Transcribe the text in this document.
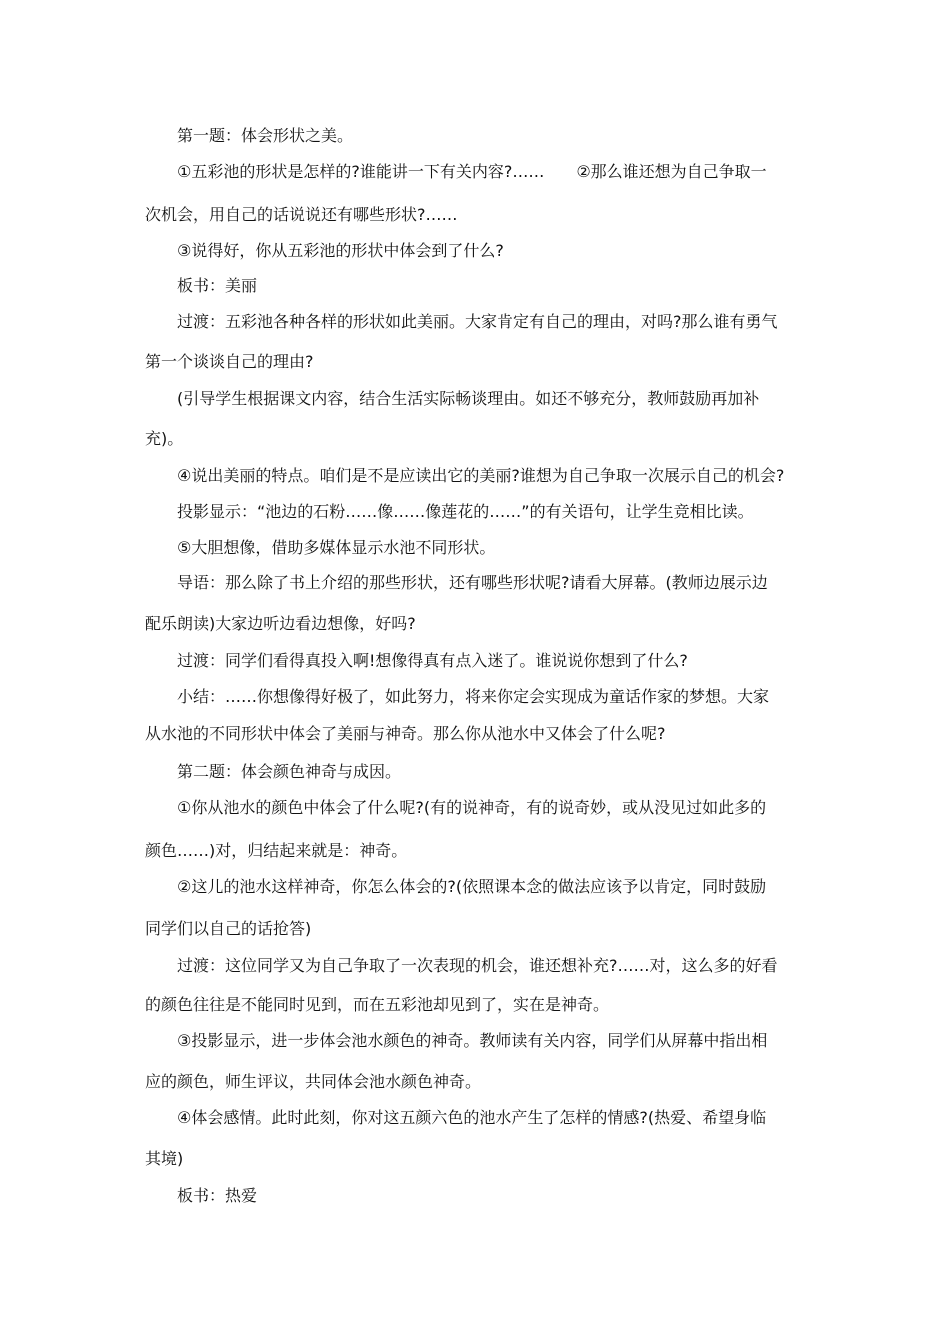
第一题：体会形状之美。

①五彩池的形状是怎样的?谁能讲一下有关内容?……　　②那么谁还想为自己争取一

次机会，用自己的话说说还有哪些形状?……

③说得好，你从五彩池的形状中体会到了什么?

板书：美丽

过渡：五彩池各种各样的形状如此美丽。大家肯定有自己的理由，对吗?那么谁有勇气

第一个谈谈自己的理由?

(引导学生根据课文内容，结合生活实际畅谈理由。如还不够充分，教师鼓励再加补

充)。

④说出美丽的特点。咱们是不是应读出它的美丽?谁想为自己争取一次展示自己的机会?

投影显示：“池边的石粉……像……像莲花的……”的有关语句，让学生竞相比读。

⑤大胆想像，借助多媒体显示水池不同形状。

导语：那么除了书上介绍的那些形状，还有哪些形状呢?请看大屏幕。(教师边展示边

配乐朗读)大家边听边看边想像，好吗?

过渡：同学们看得真投入啊!想像得真有点入迷了。谁说说你想到了什么?

小结：……你想像得好极了，如此努力，将来你定会实现成为童话作家的梦想。大家

从水池的不同形状中体会了美丽与神奇。那么你从池水中又体会了什么呢?

第二题：体会颜色神奇与成因。

①你从池水的颜色中体会了什么呢?(有的说神奇，有的说奇妙，或从没见过如此多的

颜色……)对，归结起来就是：神奇。

②这儿的池水这样神奇，你怎么体会的?(依照课本念的做法应该予以肯定，同时鼓励

同学们以自己的话抢答)

过渡：这位同学又为自己争取了一次表现的机会，谁还想补充?……对，这么多的好看

的颜色往往是不能同时见到，而在五彩池却见到了，实在是神奇。

③投影显示，进一步体会池水颜色的神奇。教师读有关内容，同学们从屏幕中指出相

应的颜色，师生评议，共同体会池水颜色神奇。

④体会感情。此时此刻，你对这五颜六色的池水产生了怎样的情感?(热爱、希望身临

其境)

板书：热爱
